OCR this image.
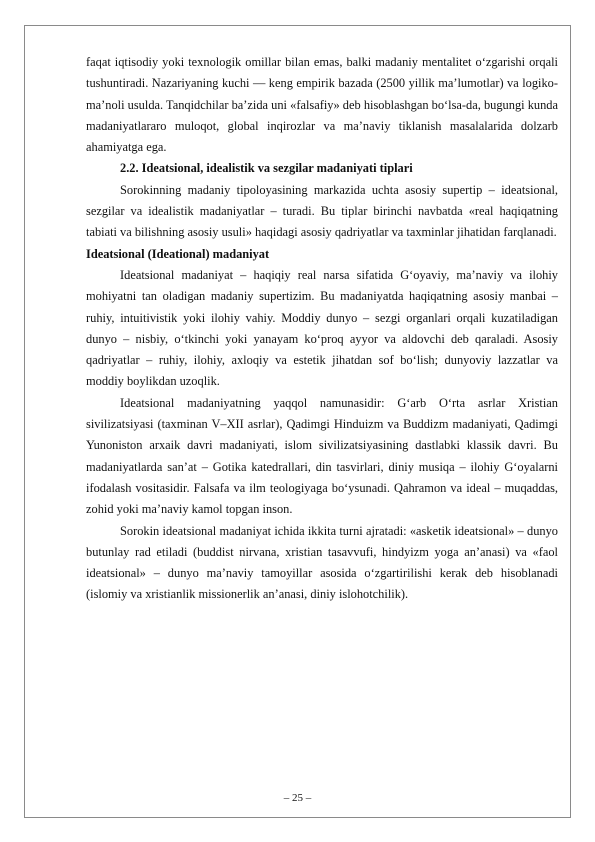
faqat iqtisodiy yoki texnologik omillar bilan emas, balki madaniy mentalitet o‘zgarishi orqali tushuntiradi. Nazariyaning kuchi — keng empirik bazada (2500 yillik ma’lumotlar) va logiko-ma’noli usulda. Tanqidchilar ba’zida uni «falsafiy» deb hisoblashgan bo‘lsa-da, bugungi kunda madaniyatlararo muloqot, global inqirozlar va ma’naviy tiklanish masalalarida dolzarb ahamiyatga ega.

2.2. Ideatsional, idealistik va sezgilar madaniyati tiplari

Sorokinning madaniy tipoloyasining markazida uchta asosiy supertip – ideatsional, sezgilar va idealistik madaniyatlar – turadi. Bu tiplar birinchi navbatda «real haqiqatning tabiati va bilishning asosiy usuli» haqidagi asosiy qadriyatlar va taxminlar jihatidan farqlanadi.

Ideatsional (Ideational) madaniyat

Ideatsional madaniyat – haqiqiy real narsa sifatida G‘oyaviy, ma’naviy va ilohiy mohiyatni tan oladigan madaniy supertizim. Bu madaniyatda haqiqatning asosiy manbai – ruhiy, intuitivistik yoki ilohiy vahiy. Moddiy dunyo – sezgi organlari orqali kuzatiladigan dunyo – nisbiy, o‘tkinchi yoki yanayam ko‘proq ayyor va aldovchi deb qaraladi. Asosiy qadriyatlar – ruhiy, ilohiy, axloqiy va estetik jihatdan sof bo‘lish; dunyoviy lazzatlar va moddiy boylikdan uzoqlik.

Ideatsional madaniyatning yaqqol namunasidir: G‘arb O‘rta asrlar Xristian sivilizatsiyasi (taxminan V–XII asrlar), Qadimgi Hinduizm va Buddizm madaniyati, Qadimgi Yunoniston arxaik davri madaniyati, islom sivilizatsiyasining dastlabki klassik davri. Bu madaniyatlarda san’at – Gotika katedrallari, din tasvirlari, diniy musiqa – ilohiy G‘oyalarni ifodalash vositasidir. Falsafa va ilm teologiyaga bo‘ysunadi. Qahramon va ideal – muqaddas, zohid yoki ma’naviy kamol topgan inson.

Sorokin ideatsional madaniyat ichida ikkita turni ajratadi: «asketik ideatsional» – dunyo butunlay rad etiladi (buddist nirvana, xristian tasavvufi, hindyizm yoga an’anasi) va «faol ideatsional» – dunyo ma’naviy tamoyillar asosida o‘zgartirilishi kerak deb hisoblanadi (islomiy va xristianlik missionerlik an’anasi, diniy islohotchilik).

– 25 –
